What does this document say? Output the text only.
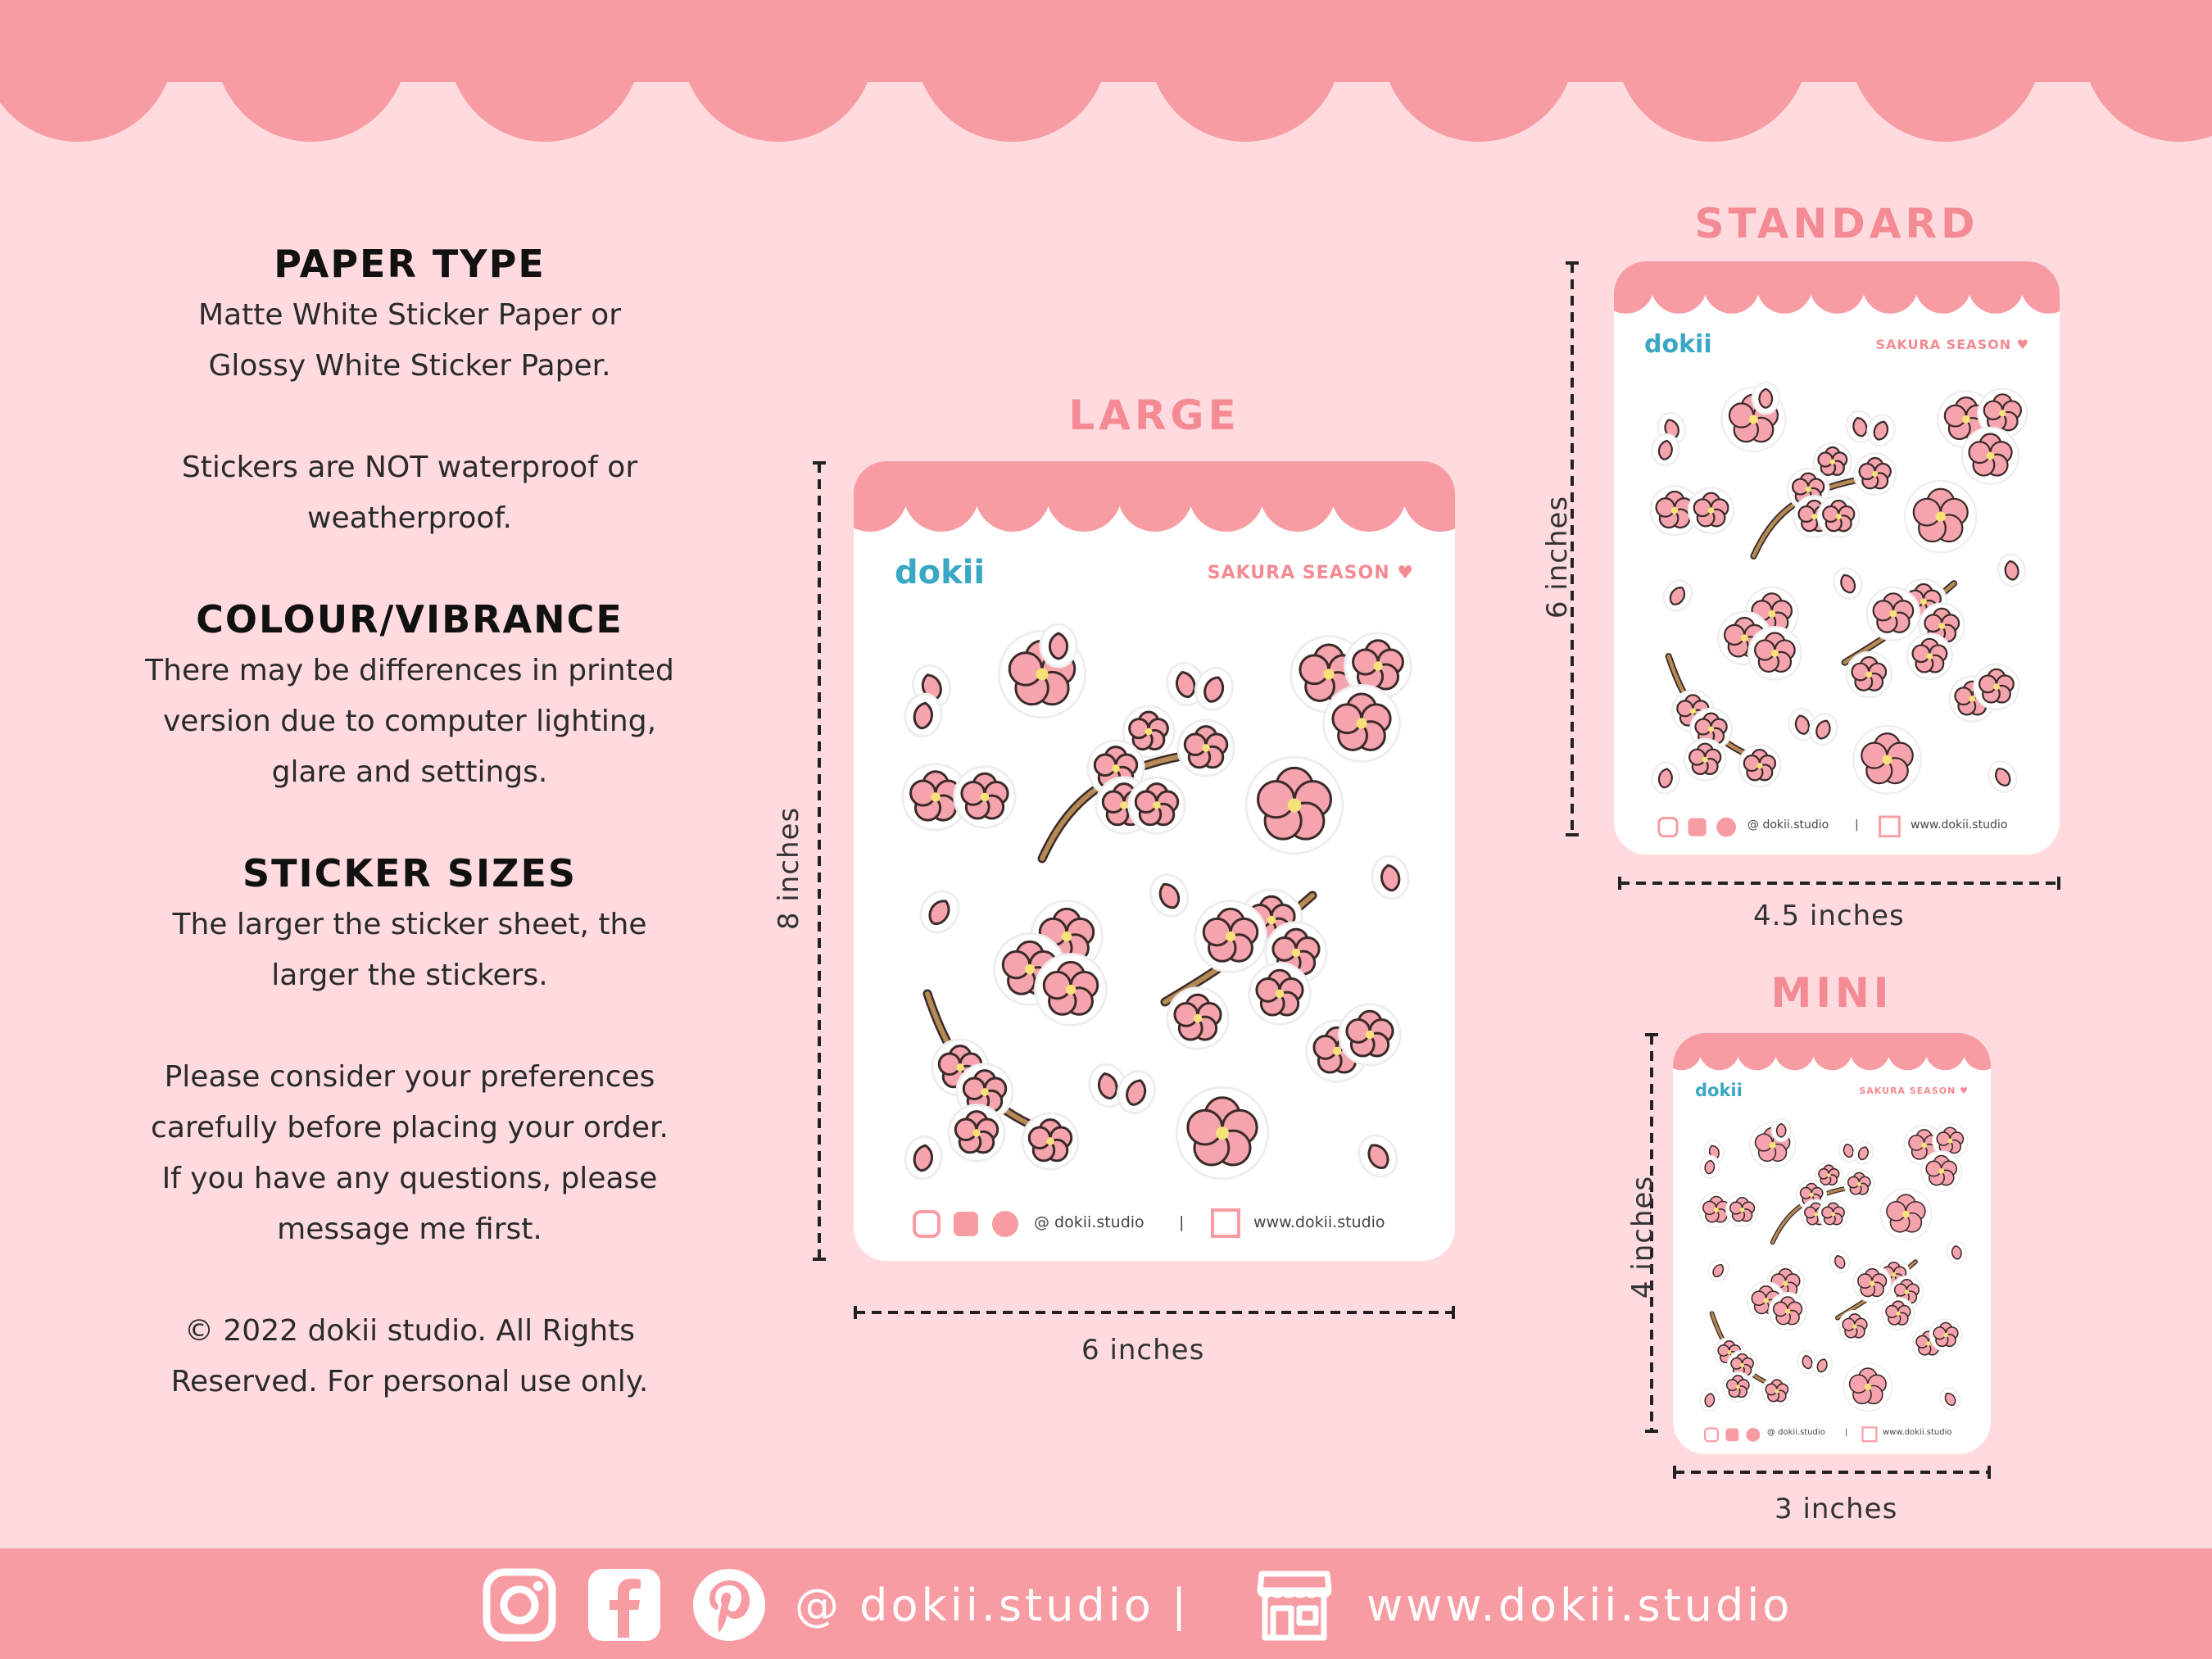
PAPER TYPE
Matte White Sticker Paper or
Glossy White Sticker Paper.
Stickers are NOT waterproof or
weatherproof.
COLOUR/VIBRANCE
There may be differences in printed
version due to computer lighting,
glare and settings.
STICKER SIZES
The larger the sticker sheet, the
larger the stickers.
Please consider your preferences
carefully before placing your order.
If you have any questions, please
message me first.
© 2022 dokii studio. All Rights
Reserved. For personal use only.
LARGE
dokii	SAKURA SEASON ♥
@ dokii.studio |	www.dokii.studio
8 inches
6 inches
STANDARD
dokii	SAKURA SEASON ♥
@ dokii.studio |	www.dokii.studio
6 inches
4.5 inches
MINI
dokii	SAKURA SEASON ♥
@ dokii.studio |	www.dokii.studio
4 inches
3 inches
@ dokii.studio |	www.dokii.studio
